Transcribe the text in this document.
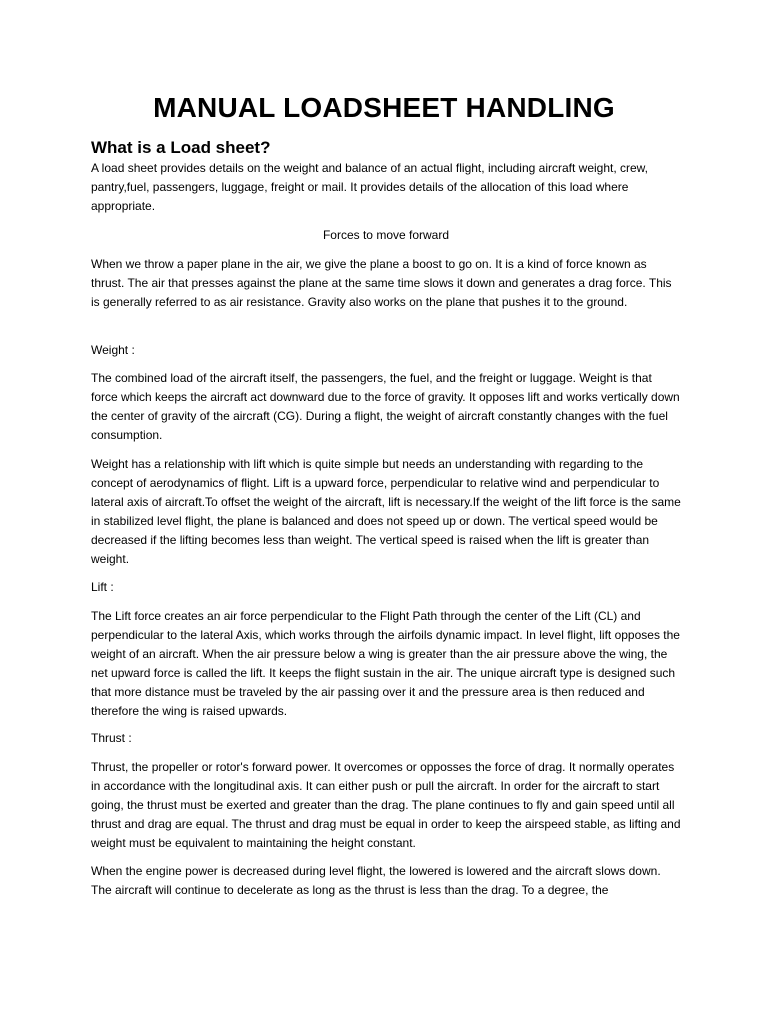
MANUAL LOADSHEET HANDLING
What is a Load sheet?

A load sheet provides details on the weight and balance of an actual flight, including aircraft weight, crew, pantry,fuel, passengers, luggage, freight or mail. It provides details of the allocation of this load where appropriate.

Forces to move forward

When we throw a paper plane in the air, we give the plane a boost to go on. It is a kind of force known as thrust. The air that presses against the plane at the same time slows it down and generates a drag force. This is generally referred to as air resistance. Gravity also works on the plane that pushes it to the ground.

Weight :

The combined load of the aircraft itself, the passengers, the fuel, and the freight or luggage. Weight is that force which keeps the aircraft act downward due to the force of gravity. It opposes lift and works vertically down the center of gravity of the aircraft (CG). During a flight, the weight of aircraft constantly changes with the fuel consumption.

Weight has a relationship with lift which is quite simple but needs an understanding with regarding to the concept of aerodynamics of flight. Lift is a upward force, perpendicular to relative wind and perpendicular to lateral axis of aircraft.To offset the weight of the aircraft, lift is necessary.If the weight of the lift force is the same in stabilized level flight, the plane is balanced and does not speed up or down. The vertical speed would be decreased if the lifting becomes less than weight. The vertical speed is raised when the lift is greater than weight.

Lift :

The Lift force creates an air force perpendicular to the Flight Path through the center of the Lift (CL) and perpendicular to the lateral Axis, which works through the airfoils dynamic impact. In level flight, lift opposes the weight of an aircraft. When the air pressure below a wing is greater than the air pressure above the wing, the net upward force is called the lift. It keeps the flight sustain in the air. The unique aircraft type is designed such that more distance must be traveled by the air passing over it and the pressure area is then reduced and therefore the wing is raised upwards.

Thrust :

Thrust, the propeller or rotor's forward power. It overcomes or opposses the force of drag. It normally operates in accordance with the longitudinal axis. It can either push or pull the aircraft. In order for the aircraft to start going, the thrust must be exerted and greater than the drag. The plane continues to fly and gain speed until all thrust and drag are equal. The thrust and drag must be equal in order to keep the airspeed stable, as lifting and weight must be equivalent to maintaining the height constant.

When the engine power is decreased during level flight, the lowered is lowered and the aircraft slows down. The aircraft will continue to decelerate as long as the thrust is less than the drag. To a degree, the
